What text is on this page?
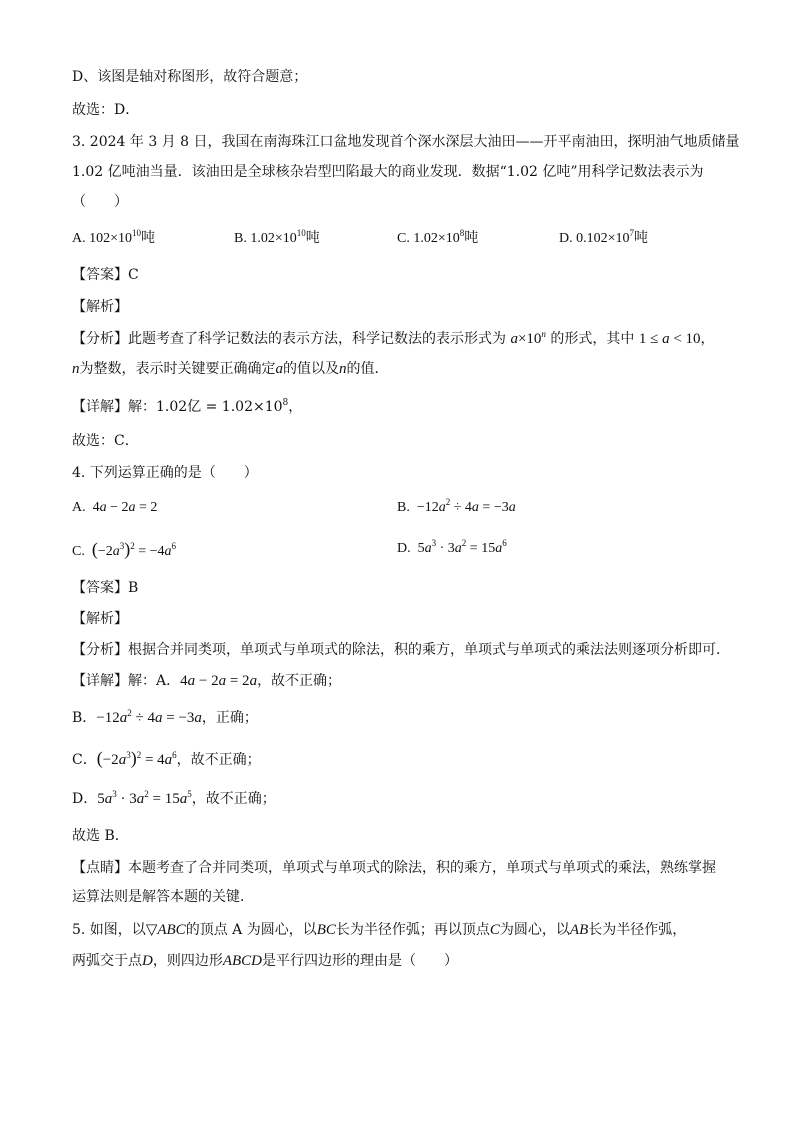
D、该图是轴对称图形，故符合题意；
故选：D．
3. 2024 年 3 月 8 日，我国在南海珠江口盆地发现首个深水深层大油田——开平南油田，探明油气地质储量
1.02 亿吨油当量．该油田是全球核杂岩型凹陷最大的商业发现．数据“1.02 亿吨”用科学记数法表示为
（　　）
A. $102\times 10^{10}$吨	B. $1.02\times 10^{10}$吨	C. $1.02\times 10^8$吨	D. $0.102\times 10^7$吨
【答案】C
【解析】
【分析】此题考查了科学记数法的表示方法，科学记数法的表示形式为 $a\times 10^n$ 的形式，其中 1 ≤ a < 10，
n为整数，表示时关键要正确确定a的值以及n的值．
【详解】解：1.02亿 = $1.02\times 10^8$，
故选：C．
4. 下列运算正确的是（　　）
A.  4a − 2a = 2	B.  $-12a^2 \div 4a = -3a$
C.  $(-2a^3)^2 = -4a^6$	D.  $5a^3 \cdot 3a^2 = 15a^6$
【答案】B
【解析】
【分析】根据合并同类项，单项式与单项式的除法，积的乘方，单项式与单项式的乘法法则逐项分析即可．
【详解】解：A．4a − 2a = 2a，故不正确；
B．$-12a^2 \div 4a = -3a$，正确；
C．$(-2a^3)^2 = 4a^6$，故不正确；
D．$5a^3 \cdot 3a^2 = 15a^5$，故不正确；
故选 B．
【点睛】本题考查了合并同类项，单项式与单项式的除法，积的乘方，单项式与单项式的乘法，熟练掌握
运算法则是解答本题的关键．
5. 如图，以▽ABC的顶点 A 为圆心，以BC长为半径作弧；再以顶点C为圆心，以AB长为半径作弧，
两弧交于点D，则四边形ABCD是平行四边形的理由是（　　）
